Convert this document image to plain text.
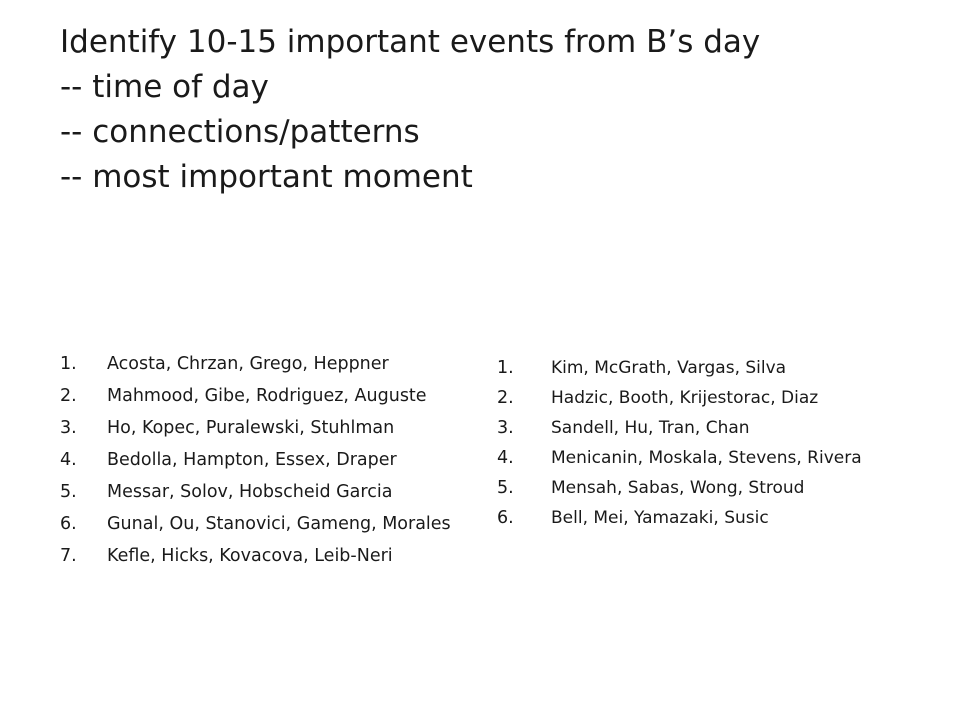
Identify 10-15 important events from B’s day
-- time of day
-- connections/patterns
-- most important moment
1.	Acosta, Chrzan, Grego, Heppner
2.	Mahmood, Gibe, Rodriguez, Auguste
3.	Ho, Kopec, Puralewski, Stuhlman
4.	Bedolla, Hampton, Essex, Draper
5.	Messar, Solov, Hobscheid Garcia
6.	Gunal, Ou, Stanovici, Gameng, Morales
7.	Kefle, Hicks, Kovacova, Leib-Neri
1.	Kim, McGrath, Vargas, Silva
2.	Hadzic, Booth, Krijestorac, Diaz
3.	Sandell, Hu, Tran, Chan
4.	Menicanin, Moskala, Stevens, Rivera
5.	Mensah, Sabas, Wong, Stroud
6.	Bell, Mei, Yamazaki, Susic
